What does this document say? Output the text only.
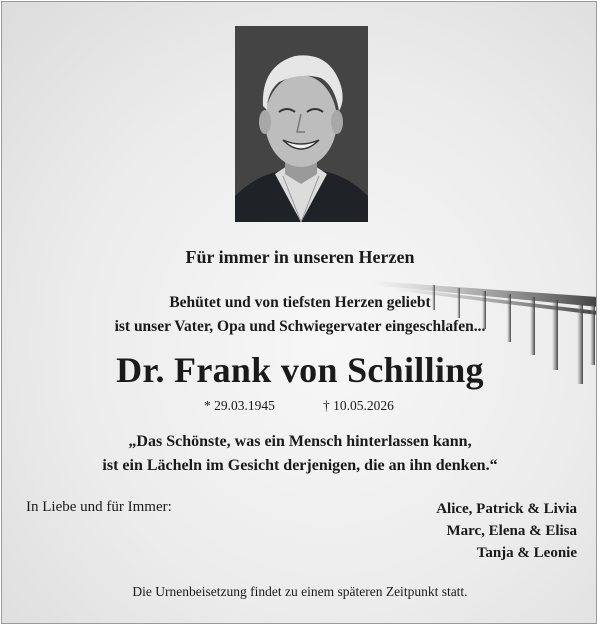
Für immer in unseren Herzen
Behütet und von tiefsten Herzen geliebt
ist unser Vater, Opa und Schwiegervater eingeschlafen...
Dr. Frank von Schilling
* 29.03.1945	† 10.05.2026
„Das Schönste, was ein Mensch hinterlassen kann,
ist ein Lächeln im Gesicht derjenigen, die an ihn denken.“
In Liebe und für Immer:	Alice, Patrick & Livia
Marc, Elena & Elisa
Tanja & Leonie
Die Urnenbeisetzung findet zu einem späteren Zeitpunkt statt.
